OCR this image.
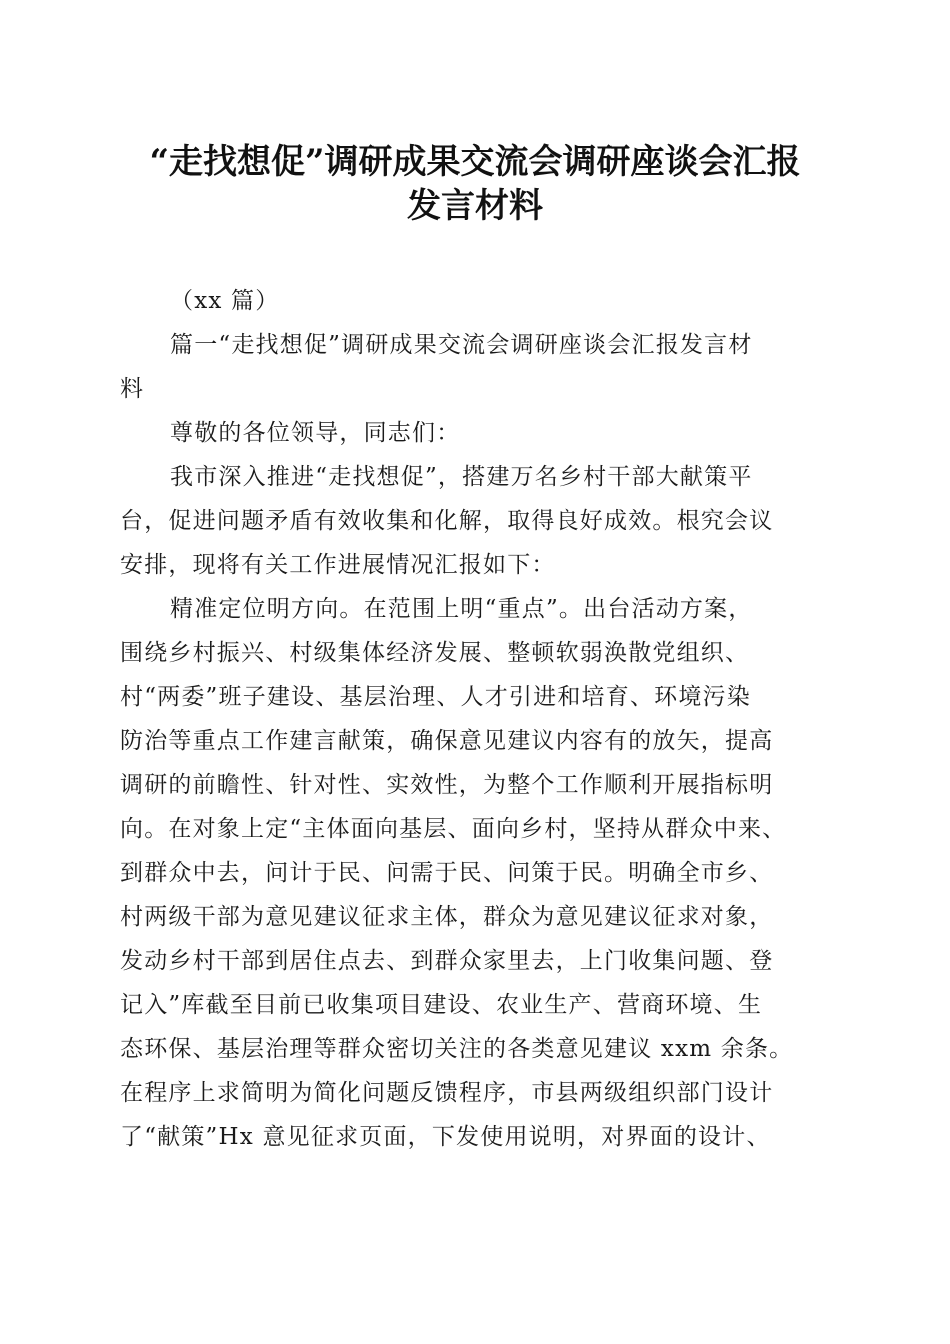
“走找想促”调研成果交流会调研座谈会汇报
发言材料
（xx 篇）
篇一“走找想促”调研成果交流会调研座谈会汇报发言材
料
尊敬的各位领导，同志们：
我市深入推进“走找想促”，搭建万名乡村干部大献策平
台，促进问题矛盾有效收集和化解，取得良好成效。根究会议
安排，现将有关工作进展情况汇报如下：
精准定位明方向。在范围上明“重点”。出台活动方案，
围绕乡村振兴、村级集体经济发展、整顿软弱涣散党组织、
村“两委”班子建设、基层治理、人才引进和培育、环境污染
防治等重点工作建言献策，确保意见建议内容有的放矢，提高
调研的前瞻性、针对性、实效性，为整个工作顺利开展指标明
向。在对象上定“主体面向基层、面向乡村，坚持从群众中来、
到群众中去，问计于民、问需于民、问策于民。明确全市乡、
村两级干部为意见建议征求主体，群众为意见建议征求对象，
发动乡村干部到居住点去、到群众家里去，上门收集问题、登
记入”库截至目前已收集项目建设、农业生产、营商环境、生
态环保、基层治理等群众密切关注的各类意见建议 xxm 余条。
在程序上求简明为简化问题反馈程序，市县两级组织部门设计
了“献策”Hx 意见征求页面，下发使用说明，对界面的设计、
